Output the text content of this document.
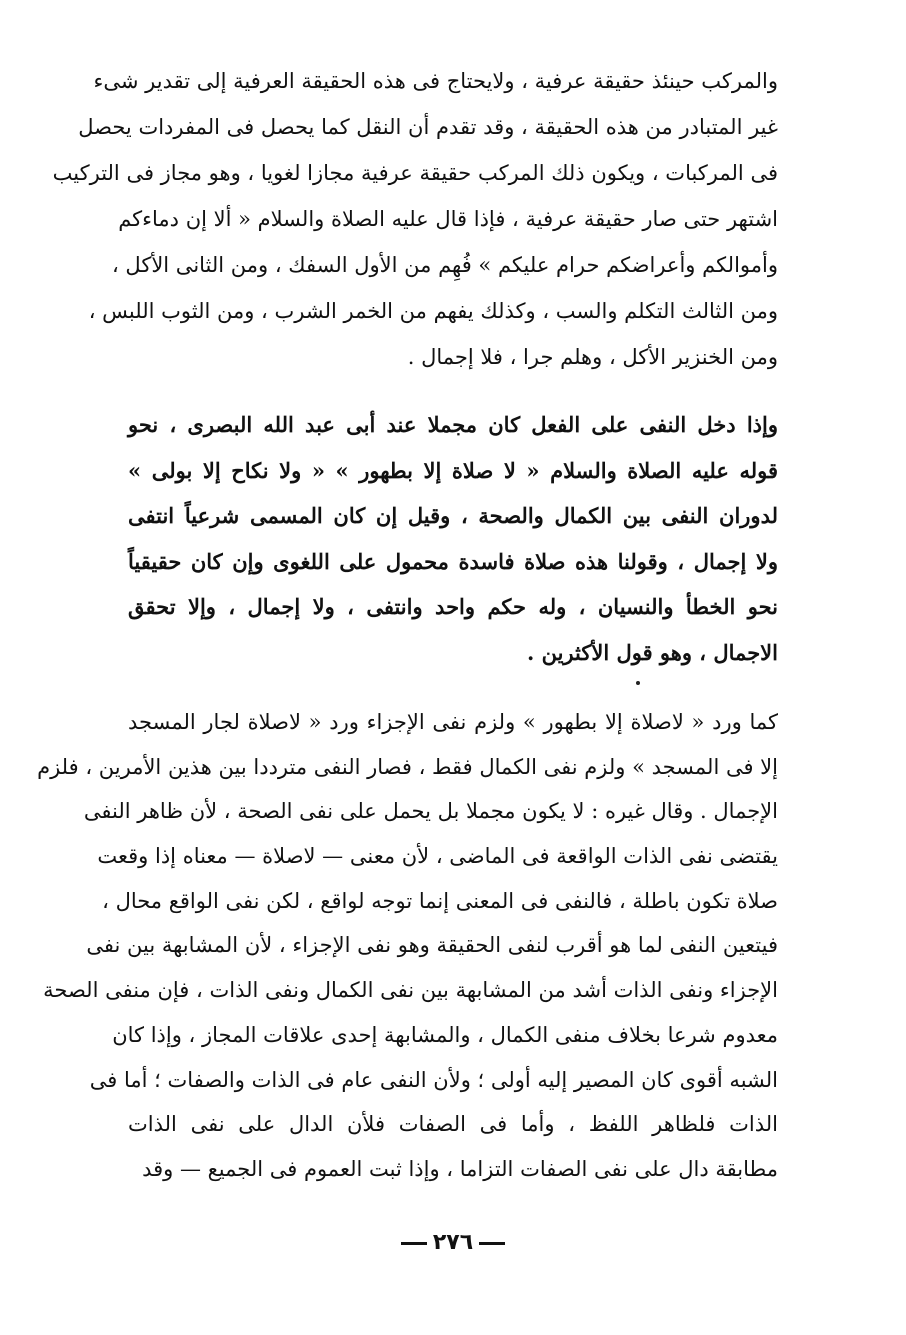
والمركب حينئذ حقيقة عرفية ، ولايحتاج فى هذه الحقيقة العرفية إلى تقدير شىء
غير المتبادر من هذه الحقيقة ، وقد تقدم أن النقل كما يحصل فى المفردات يحصل
فى المركبات ، ويكون ذلك المركب حقيقة عرفية مجازا لغويا ، وهو مجاز فى التركيب
اشتهر حتى صار حقيقة عرفية ، فإذا قال عليه الصلاة والسلام « ألا إن دماءكم
وأموالكم وأعراضكم حرام عليكم » فُهِم من الأول السفك ، ومن الثانى الأكل ،
ومن الثالث التكلم والسب ، وكذلك يفهم من الخمر الشرب ، ومن الثوب اللبس ،
ومن الخنزير الأكل ، وهلم جرا ، فلا إجمال .
وإذا دخل النفى على الفعل كان مجملا عند أبى عبد الله البصرى ، نحو
قوله عليه الصلاة والسلام « لا صلاة إلا بطهور » « ولا نكاح إلا بولى »
لدوران النفى بين الكمال والصحة ، وقيل إن كان المسمى شرعياً انتفى
ولا إجمال ، وقولنا هذه صلاة فاسدة محمول على اللغوى وإن كان حقيقياً
نحو الخطأ والنسيان ، وله حكم واحد وانتفى ، ولا إجمال ، وإلا تحقق
الاجمال ، وهو قول الأكثرين .
كما ورد « لاصلاة إلا بطهور » ولزم نفى الإجزاء ورد « لاصلاة لجار المسجد
إلا فى المسجد » ولزم نفى الكمال فقط ، فصار النفى مترددا بين هذين الأمرين ، فلزم
الإجمال . وقال غيره : لا يكون مجملا بل يحمل على نفى الصحة ، لأن ظاهر النفى
يقتضى نفى الذات الواقعة فى الماضى ، لأن معنى — لاصلاة — معناه إذا وقعت
صلاة تكون باطلة ، فالنفى فى المعنى إنما توجه لواقع ، لكن نفى الواقع محال ،
فيتعين النفى لما هو أقرب لنفى الحقيقة وهو نفى الإجزاء ، لأن المشابهة بين نفى
الإجزاء ونفى الذات أشد من المشابهة بين نفى الكمال ونفى الذات ، فإن منفى الصحة
معدوم شرعا بخلاف منفى الكمال ، والمشابهة إحدى علاقات المجاز ، وإذا كان
الشبه أقوى كان المصير إليه أولى ؛ ولأن النفى عام فى الذات والصفات ؛ أما فى
الذات فلظاهر اللفظ ، وأما فى الصفات فلأن الدال على نفى الذات
مطابقة دال على نفى الصفات التزاما ، وإذا ثبت العموم فى الجميع — وقد
٢٧٦
